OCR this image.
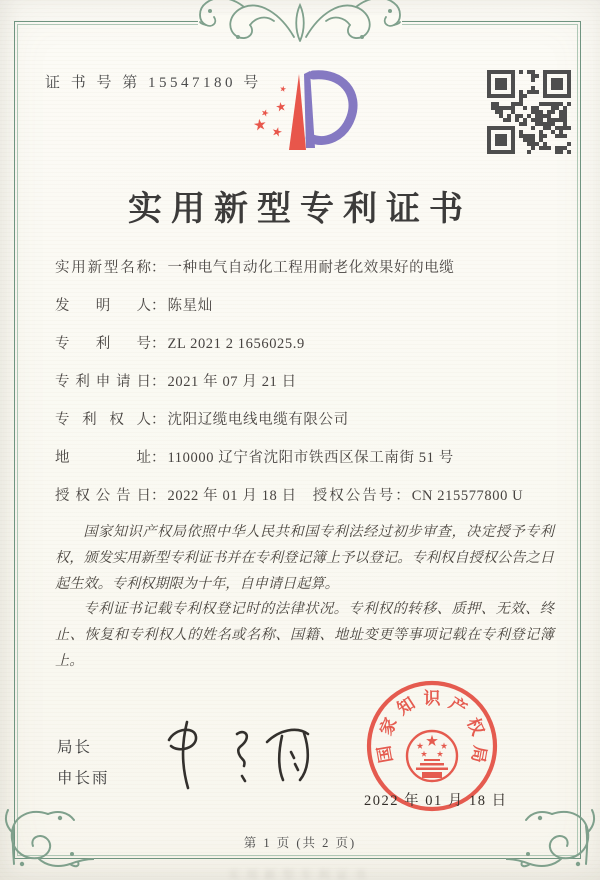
证 书 号 第 15547180 号
实用新型专利证书
实用新型名称： 一种电气自动化工程用耐老化效果好的电缆
发明人： 陈星灿
专利号： ZL 2021 2 1656025.9
专利申请日： 2021 年 07 月 21 日
专利权人： 沈阳辽缆电线电缆有限公司
地址： 110000 辽宁省沈阳市铁西区保工南街 51 号
授权公告日： 2022 年 01 月 18 日 授权公告号： CN 215577800 U

国家知识产权局依照中华人民共和国专利法经过初步审查，决定授予专利权，颁发实用新型专利证书并在专利登记簿上予以登记。专利权自授权公告之日起生效。专利权期限为十年，自申请日起算。

专利证书记载专利权登记时的法律状况。专利权的转移、质押、无效、终止、恢复和专利权人的姓名或名称、国籍、地址变更等事项记载在专利登记簿上。

局长
申长雨
国
家
知 识 产
权
局
2022 年 01 月 18 日
第 1 页 (共 2 页)
实用新型专利证书
